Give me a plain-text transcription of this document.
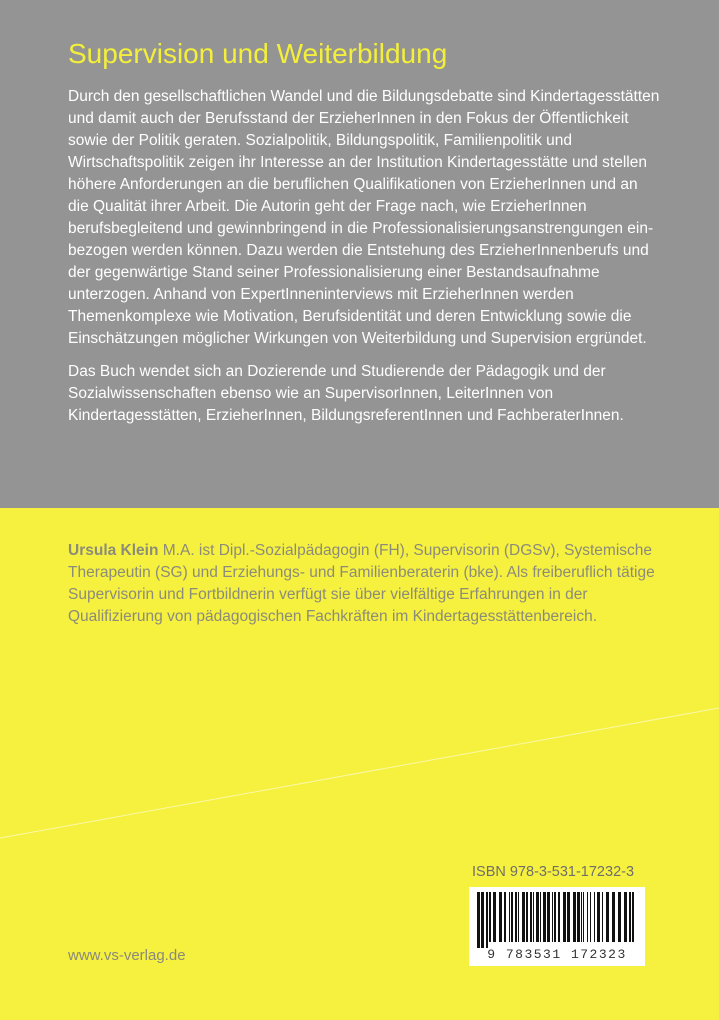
Supervision und Weiterbildung

Durch den gesellschaftlichen Wandel und die Bildungsdebatte sind Kindertagesstätten und damit auch der Berufsstand der ErzieherInnen in den Fokus der Öffentlichkeit sowie der Politik geraten. Sozialpolitik, Bildungspolitik, Familienpolitik und Wirtschaftspolitik zeigen ihr Interesse an der Institution Kindertagesstätte und stellen höhere Anforderungen an die beruflichen Qualifikationen von ErzieherInnen und an die Qualität ihrer Arbeit. Die Autorin geht der Frage nach, wie ErzieherInnen berufsbegleitend und gewinnbringend in die Professionalisierungsanstrengungen einbezogen werden können. Dazu werden die Entstehung des ErzieherInnenberufs und der gegenwärtige Stand seiner Professionalisierung einer Bestandsaufnahme unterzogen. Anhand von ExpertInneninterviews mit ErzieherInnen werden Themenkomplexe wie Motivation, Berufsidentität und deren Entwicklung sowie die Einschätzungen möglicher Wirkungen von Weiterbildung und Supervision ergründet.

Das Buch wendet sich an Dozierende und Studierende der Pädagogik und der Sozialwissenschaften ebenso wie an SupervisorInnen, LeiterInnen von Kindertagesstätten, ErzieherInnen, BildungsreferentInnen und FachberaterInnen.

Ursula Klein M.A. ist Dipl.-Sozialpädagogin (FH), Supervisorin (DGSv), Systemische Therapeutin (SG) und Erziehungs- und Familienberaterin (bke). Als freiberuflich tätige Supervisorin und Fortbildnerin verfügt sie über vielfältige Erfahrungen in der Qualifizierung von pädagogischen Fachkräften im Kindertagesstättenbereich.
ISBN 978-3-531-17232-3
9 783531 172323
www.vs-verlag.de
